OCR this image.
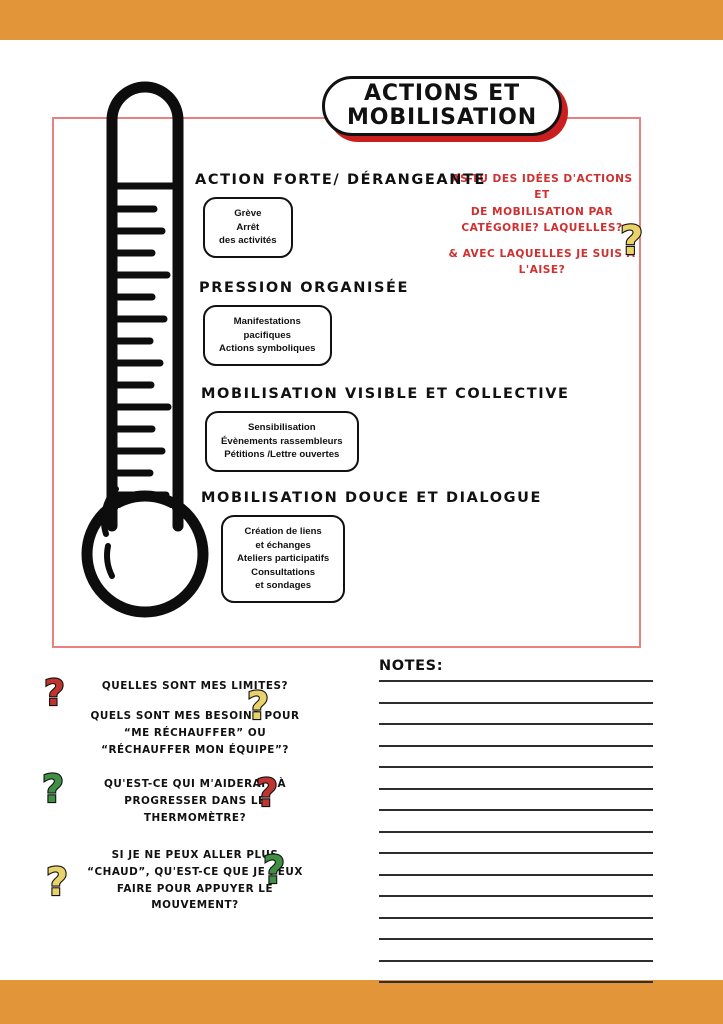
ACTIONS ET
MOBILISATION
AS-TU DES IDÉES D'ACTIONS ET
DE MOBILISATION PAR
CATÉGORIE? LAQUELLES?
& AVEC LAQUELLES JE SUIS À
L'AISE?
?
ACTION FORTE/ DÉRANGEANTE
Grève
Arrêt
des activités
PRESSION ORGANISÉE
Manifestations
pacifiques
Actions symboliques
MOBILISATION VISIBLE ET COLLECTIVE
Sensibilisation
Évènements rassembleurs
Pétitions /Lettre ouvertes
MOBILISATION DOUCE ET DIALOGUE
Création de liens
et échanges
Ateliers participatifs
Consultations
et sondages
QUELLES SONT MES LIMITES?
QUELS SONT MES BESOINS POUR
“ME RÉCHAUFFER” OU
“RÉCHAUFFER MON ÉQUIPE”?
QU'EST-CE QUI M'AIDERAIT À
PROGRESSER DANS LE
THERMOMÈTRE?
SI JE NE PEUX ALLER PLUS
“CHAUD”, QU'EST-CE QUE JE PEUX
FAIRE POUR APPUYER LE
MOUVEMENT?
?	?
?	?
?
?
NOTES:
